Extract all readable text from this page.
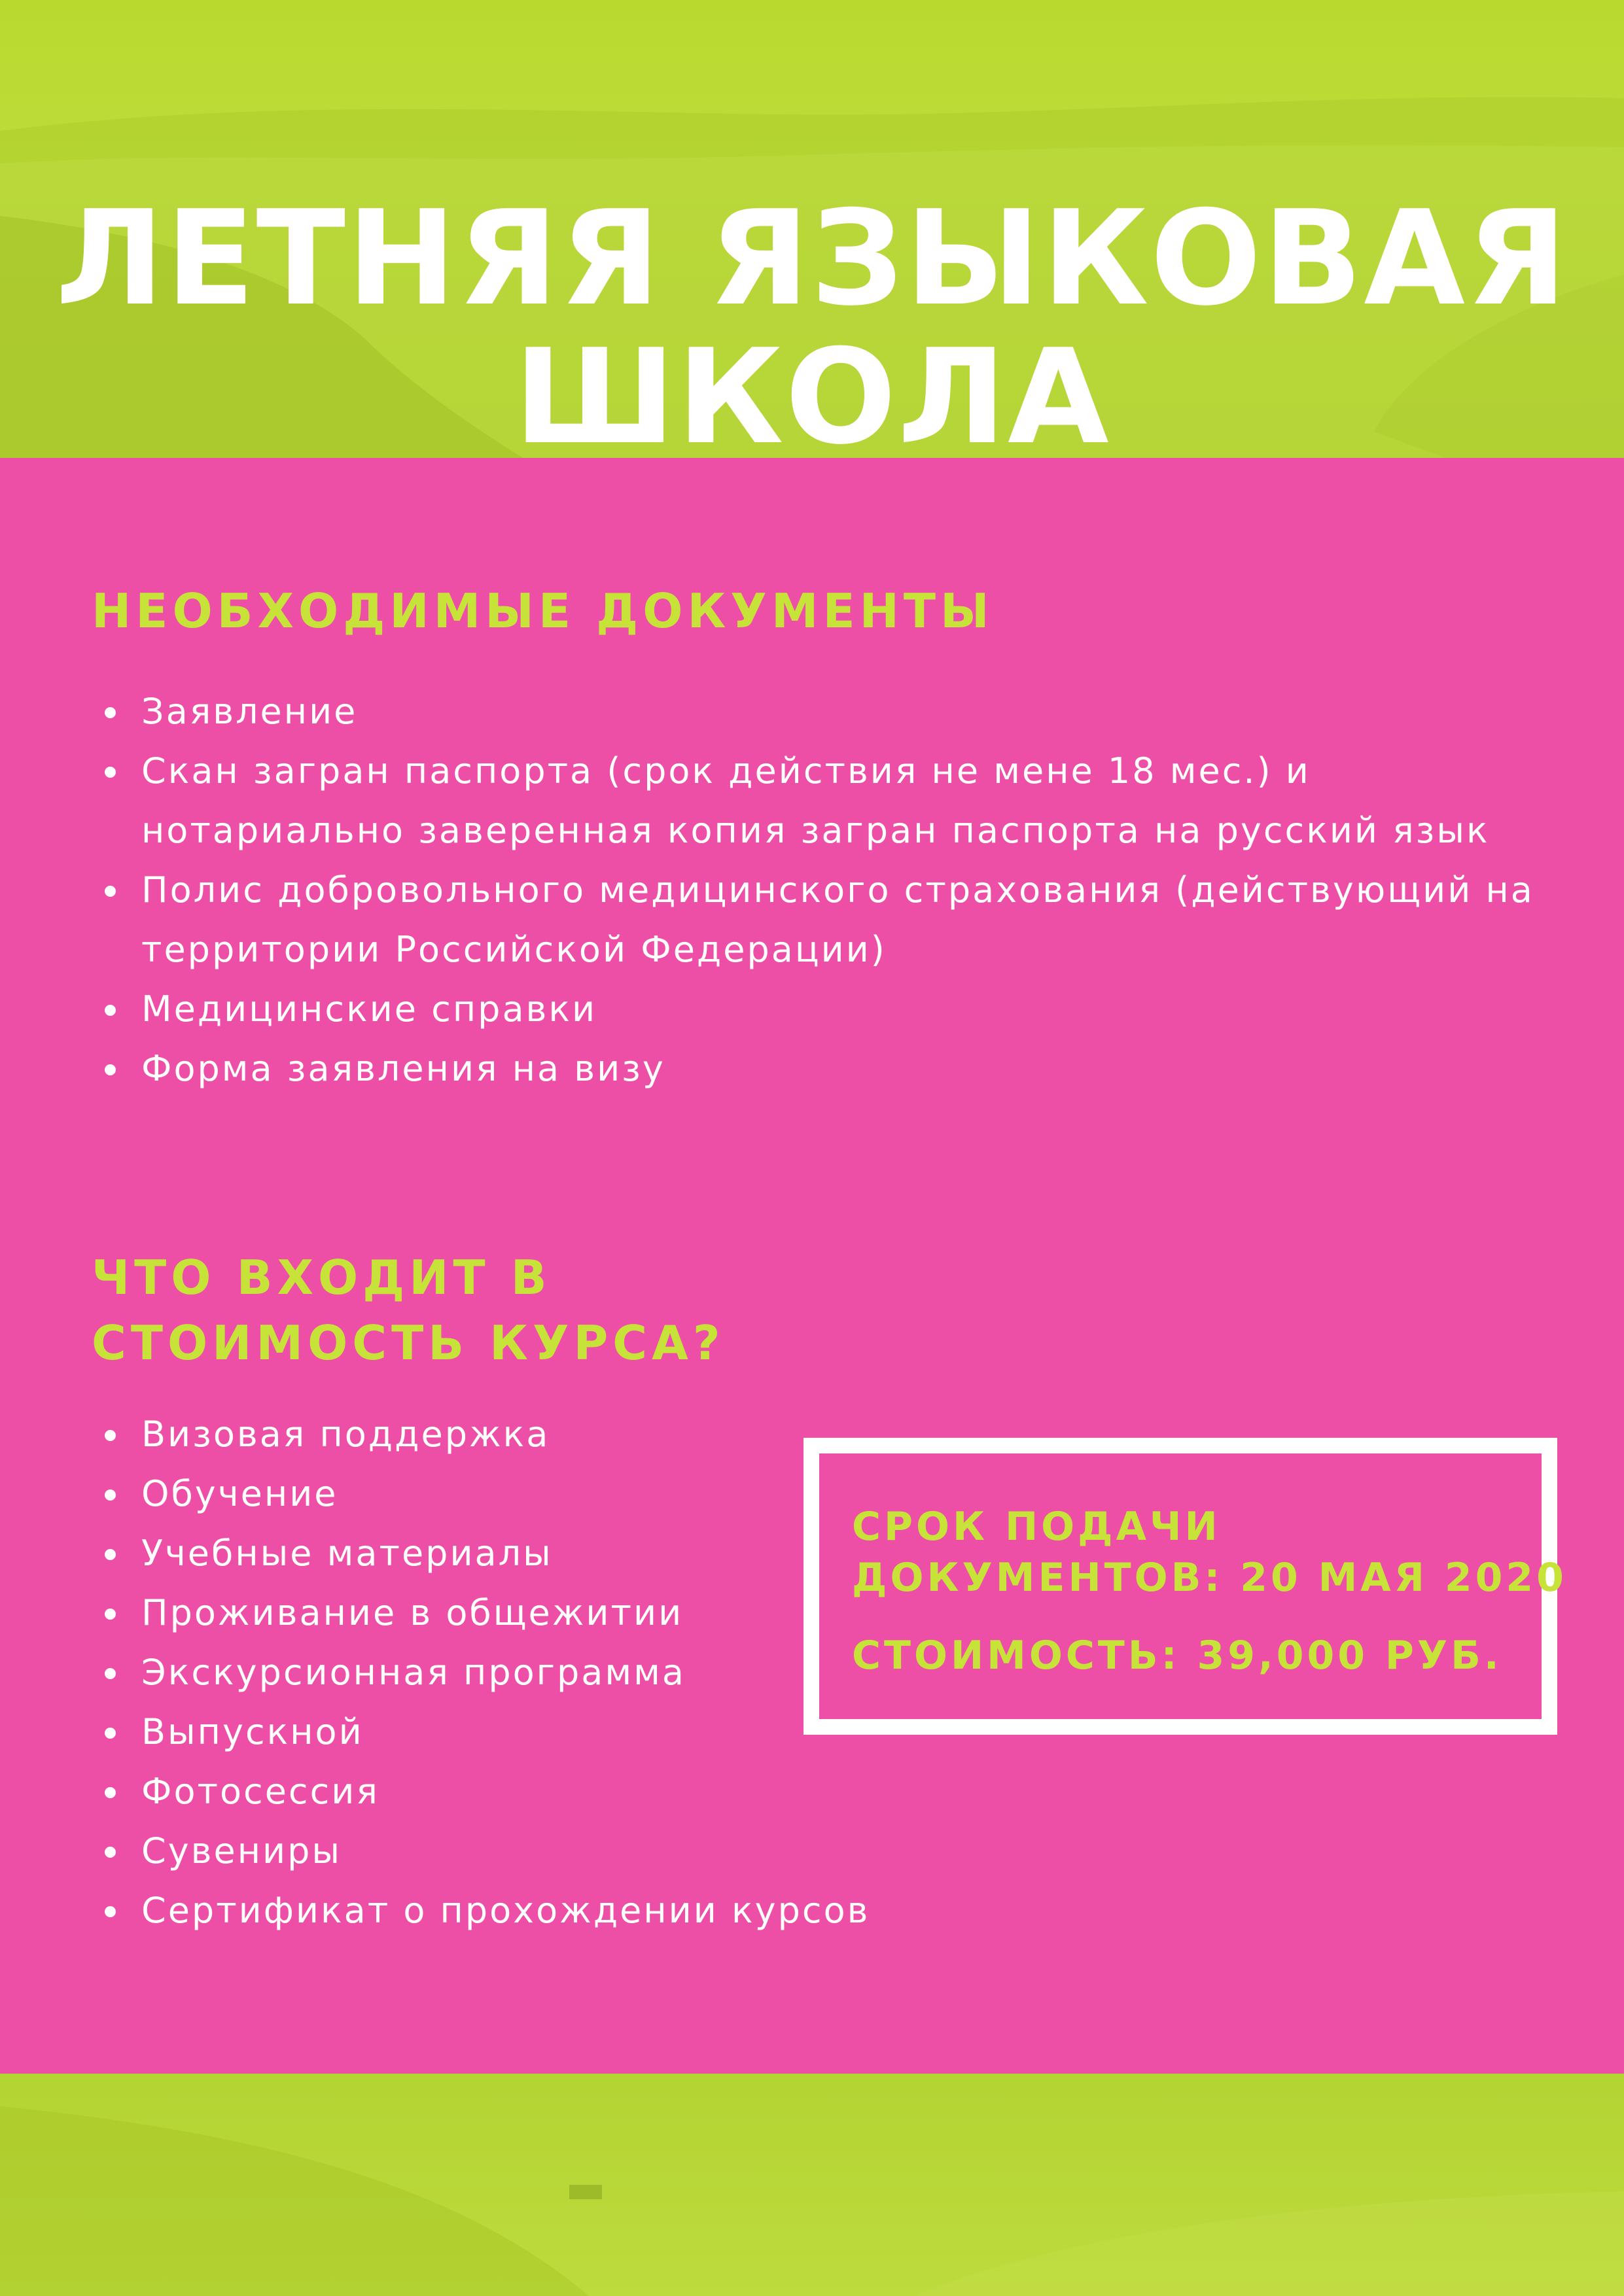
ЛЕТНЯЯ ЯЗЫКОВАЯ
ШКОЛА
НЕОБХОДИМЫЕ ДОКУМЕНТЫ
Заявление
Скан загран паспорта (срок действия не мене 18 мес.) и
нотариально заверенная копия загран паспорта на русский язык
Полис добровольного медицинского страхования (действующий на
территории Российской Федерации)
Медицинские справки
Форма заявления на визу
ЧТО ВХОДИТ В
СТОИМОСТЬ КУРСА?
Визовая поддержка
Обучение
Учебные материалы
Проживание в общежитии
Экскурсионная программа
Выпускной
Фотосессия
Сувениры
Сертификат о прохождении курсов

СРОК ПОДАЧИ
ДОКУМЕНТОВ: 20 МАЯ 2020

СТОИМОСТЬ: 39,000 РУБ.
